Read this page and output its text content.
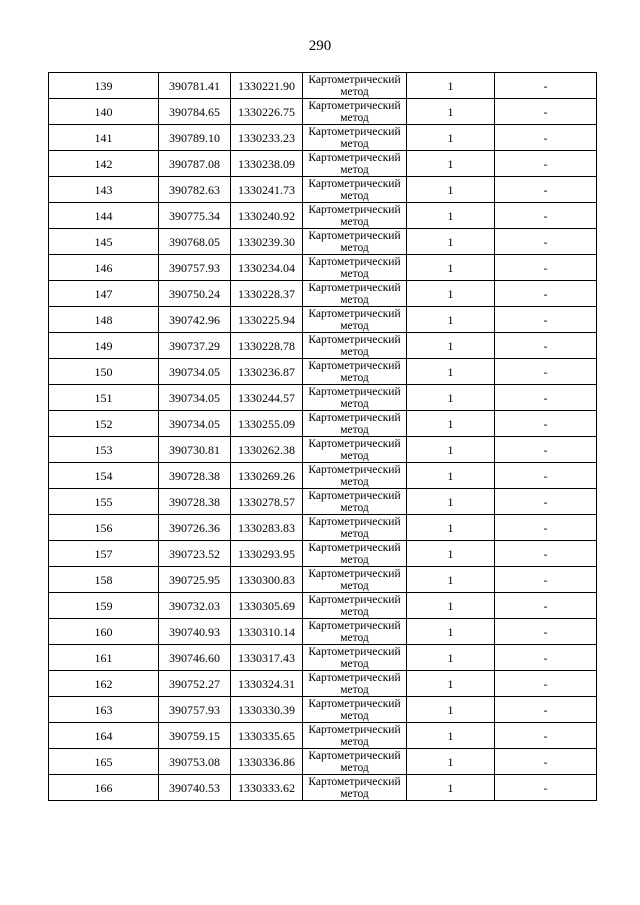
290
139	390781.41	1330221.90	Картометрический
метод	1	-
140	390784.65	1330226.75	Картометрический
метод	1	-
141	390789.10	1330233.23	Картометрический
метод	1	-
142	390787.08	1330238.09	Картометрический
метод	1	-
143	390782.63	1330241.73	Картометрический
метод	1	-
144	390775.34	1330240.92	Картометрический
метод	1	-
145	390768.05	1330239.30	Картометрический
метод	1	-
146	390757.93	1330234.04	Картометрический
метод	1	-
147	390750.24	1330228.37	Картометрический
метод	1	-
148	390742.96	1330225.94	Картометрический
метод	1	-
149	390737.29	1330228.78	Картометрический
метод	1	-
150	390734.05	1330236.87	Картометрический
метод	1	-
151	390734.05	1330244.57	Картометрический
метод	1	-
152	390734.05	1330255.09	Картометрический
метод	1	-
153	390730.81	1330262.38	Картометрический
метод	1	-
154	390728.38	1330269.26	Картометрический
метод	1	-
155	390728.38	1330278.57	Картометрический
метод	1	-
156	390726.36	1330283.83	Картометрический
метод	1	-
157	390723.52	1330293.95	Картометрический
метод	1	-
158	390725.95	1330300.83	Картометрический
метод	1	-
159	390732.03	1330305.69	Картометрический
метод	1	-
160	390740.93	1330310.14	Картометрический
метод	1	-
161	390746.60	1330317.43	Картометрический
метод	1	-
162	390752.27	1330324.31	Картометрический
метод	1	-
163	390757.93	1330330.39	Картометрический
метод	1	-
164	390759.15	1330335.65	Картометрический
метод	1	-
165	390753.08	1330336.86	Картометрический
метод	1	-
166	390740.53	1330333.62	Картометрический
метод	1	-
